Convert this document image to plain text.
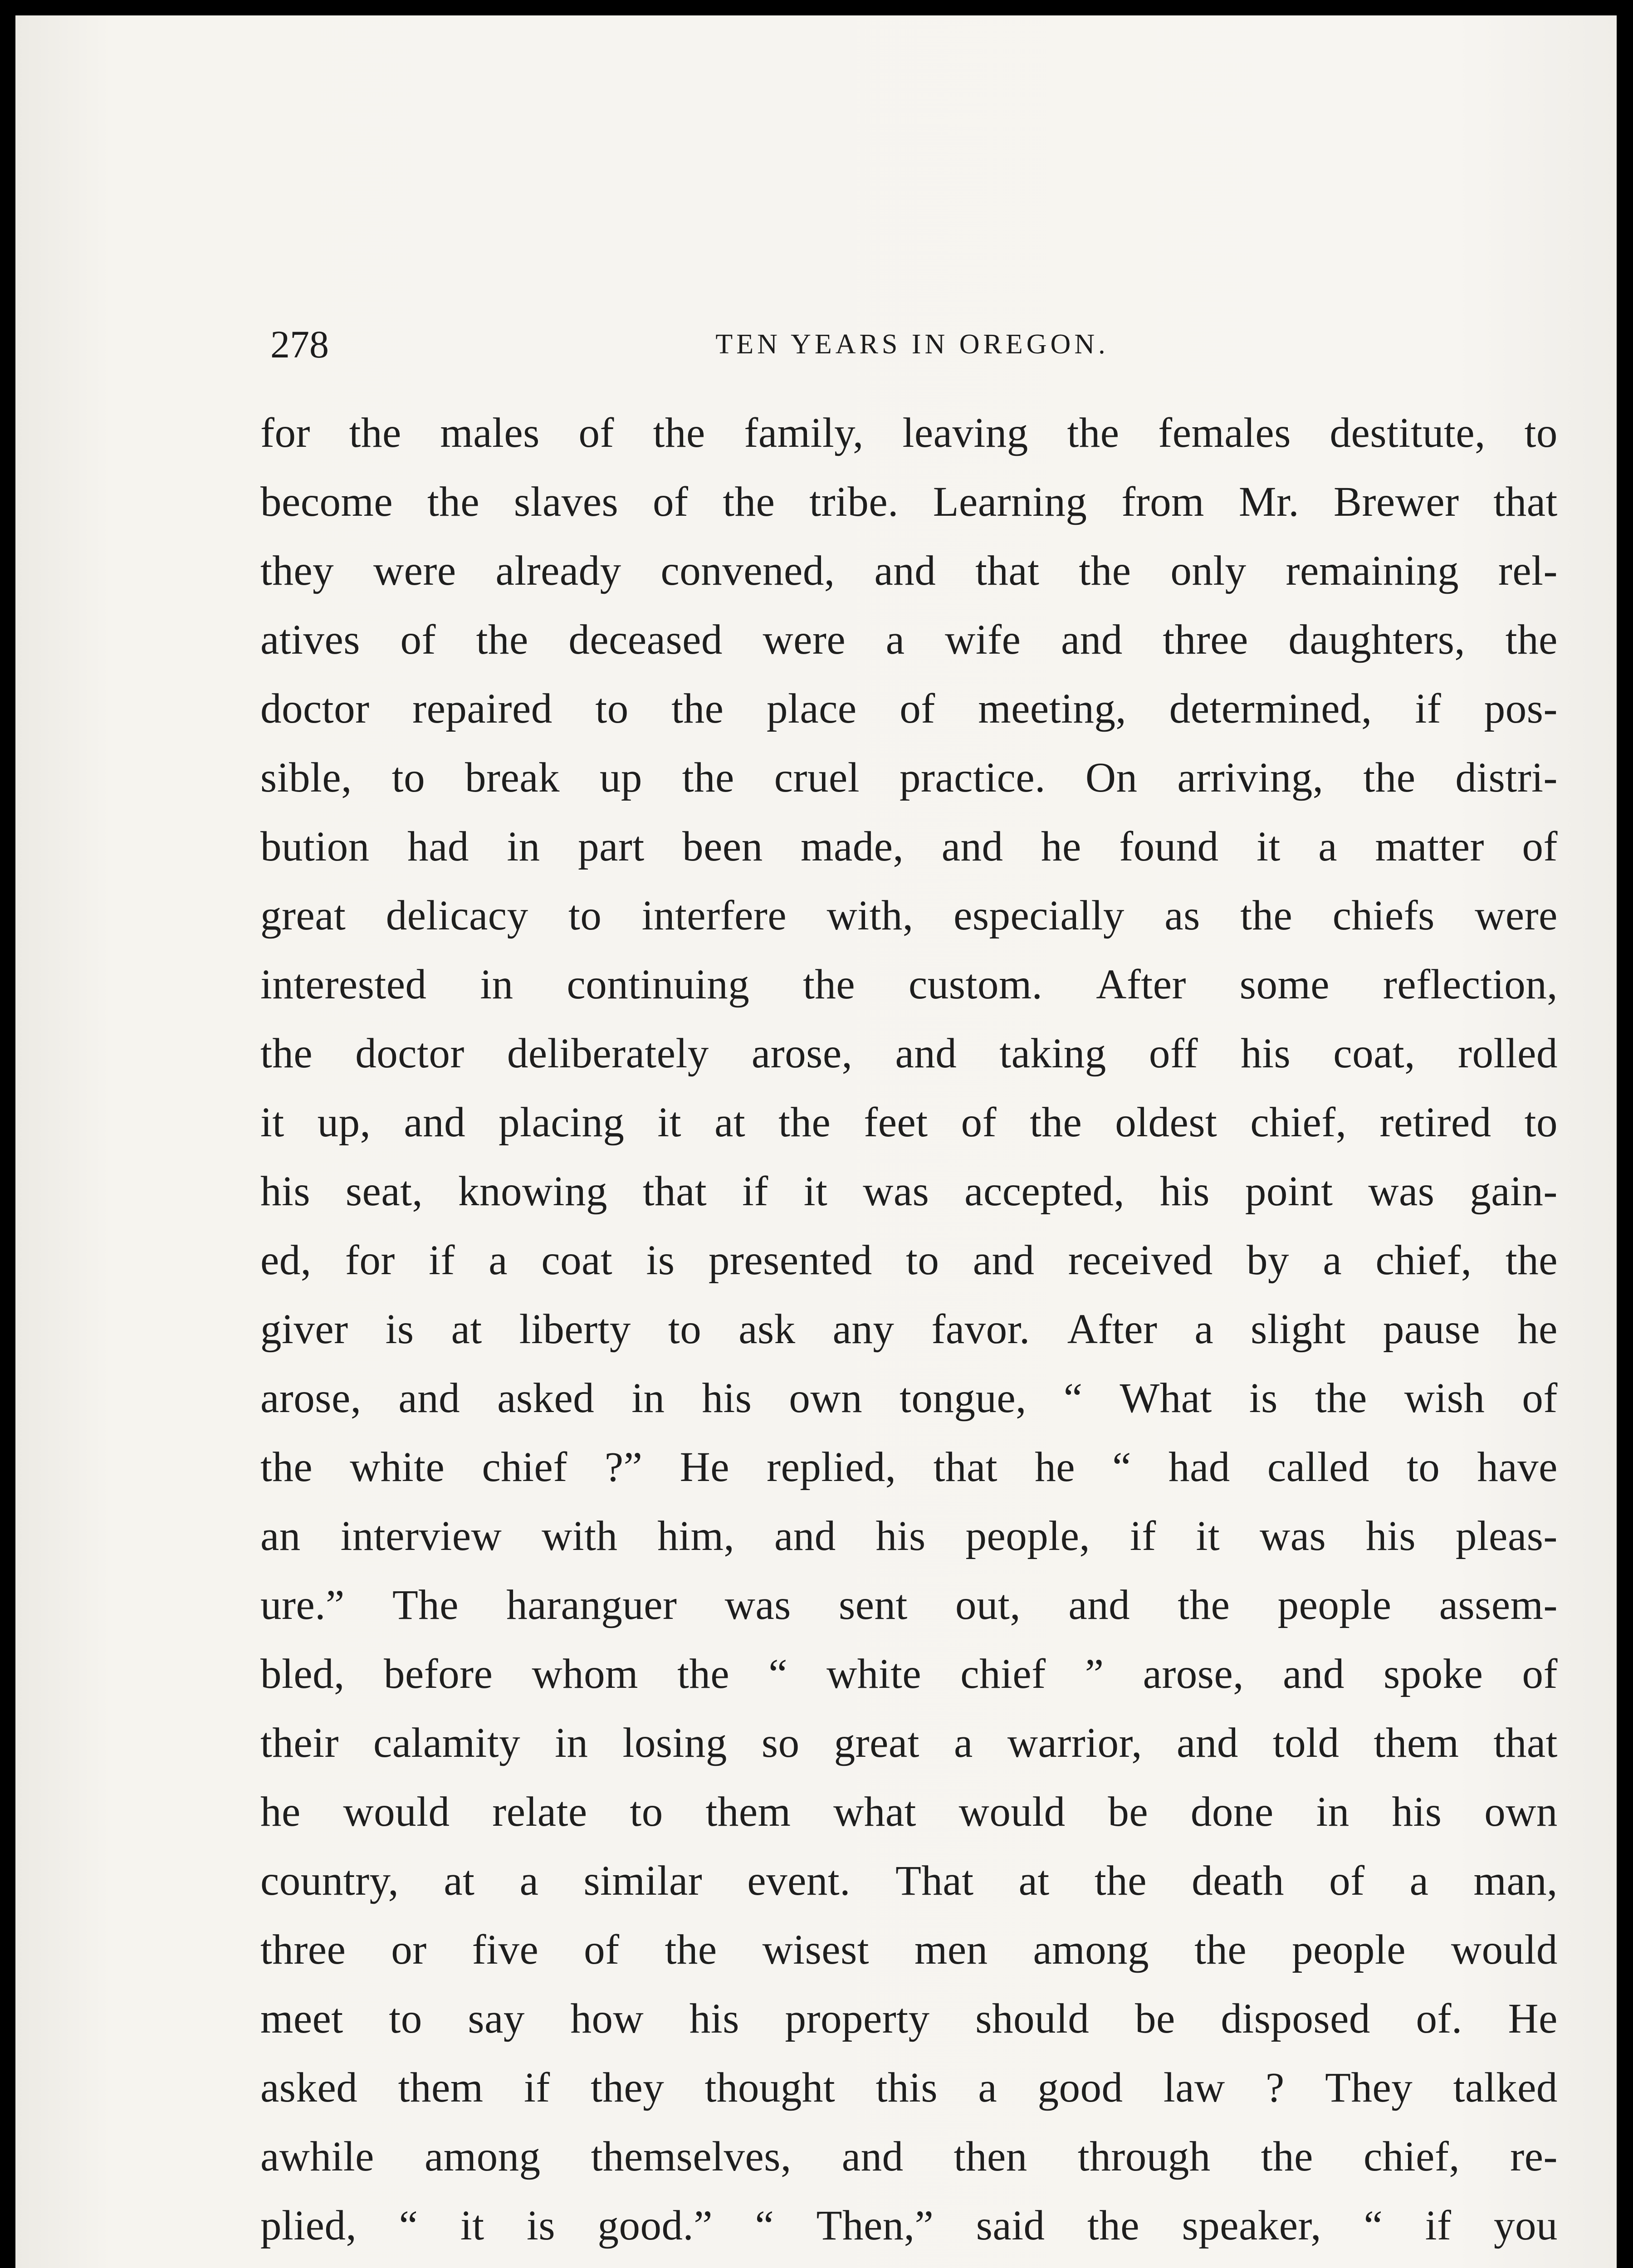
278	TEN YEARS IN OREGON.
for the males of the family, leaving the females destitute, to
become the slaves of the tribe. Learning from Mr. Brewer that
they were already convened, and that the only remaining rel-
atives of the deceased were a wife and three daughters, the
doctor repaired to the place of meeting, determined, if pos-
sible, to break up the cruel practice. On arriving, the distri-
bution had in part been made, and he found it a matter of
great delicacy to interfere with, especially as the chiefs were
interested in continuing the custom. After some reflection,
the doctor deliberately arose, and taking off his coat, rolled
it up, and placing it at the feet of the oldest chief, retired to
his seat, knowing that if it was accepted, his point was gain-
ed, for if a coat is presented to and received by a chief, the
giver is at liberty to ask any favor. After a slight pause he
arose, and asked in his own tongue, “ What is the wish of
the white chief ?” He replied, that he “ had called to have
an interview with him, and his people, if it was his pleas-
ure.” The haranguer was sent out, and the people assem-
bled, before whom the “ white chief ” arose, and spoke of
their calamity in losing so great a warrior, and told them that
he would relate to them what would be done in his own
country, at a similar event. That at the death of a man,
three or five of the wisest men among the people would
meet to say how his property should be disposed of. He
asked them if they thought this a good law ? They talked
awhile among themselves, and then through the chief, re-
plied, “ it is good.” “ Then,” said the speaker, “ if you
